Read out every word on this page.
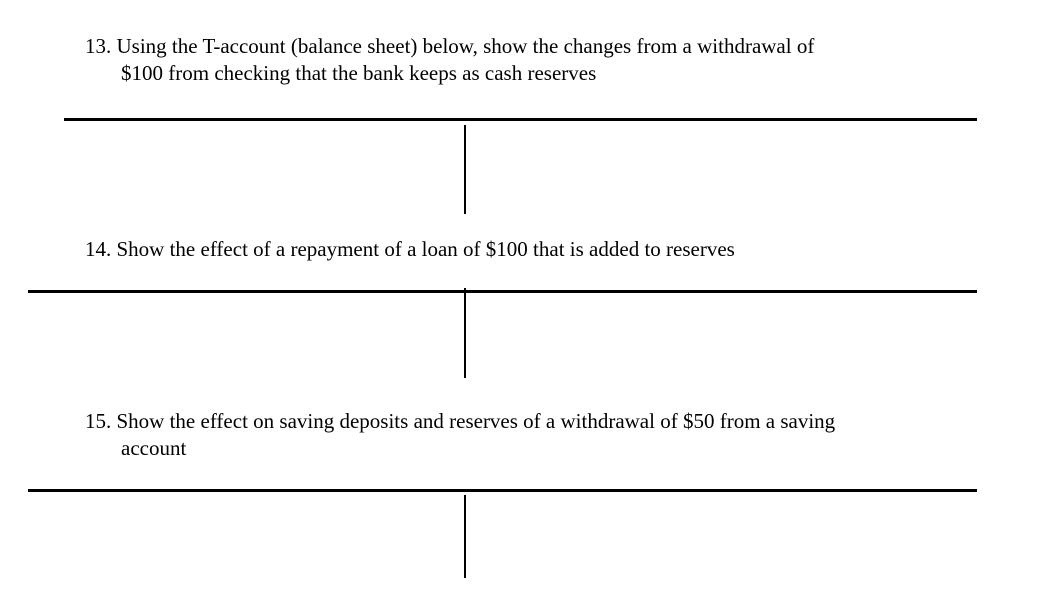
13. Using the T-account (balance sheet) below, show the changes from a withdrawal of
$100 from checking that the bank keeps as cash reserves
14. Show the effect of a repayment of a loan of $100 that is added to reserves
15. Show the effect on saving deposits and reserves of a withdrawal of $50 from a saving
account
